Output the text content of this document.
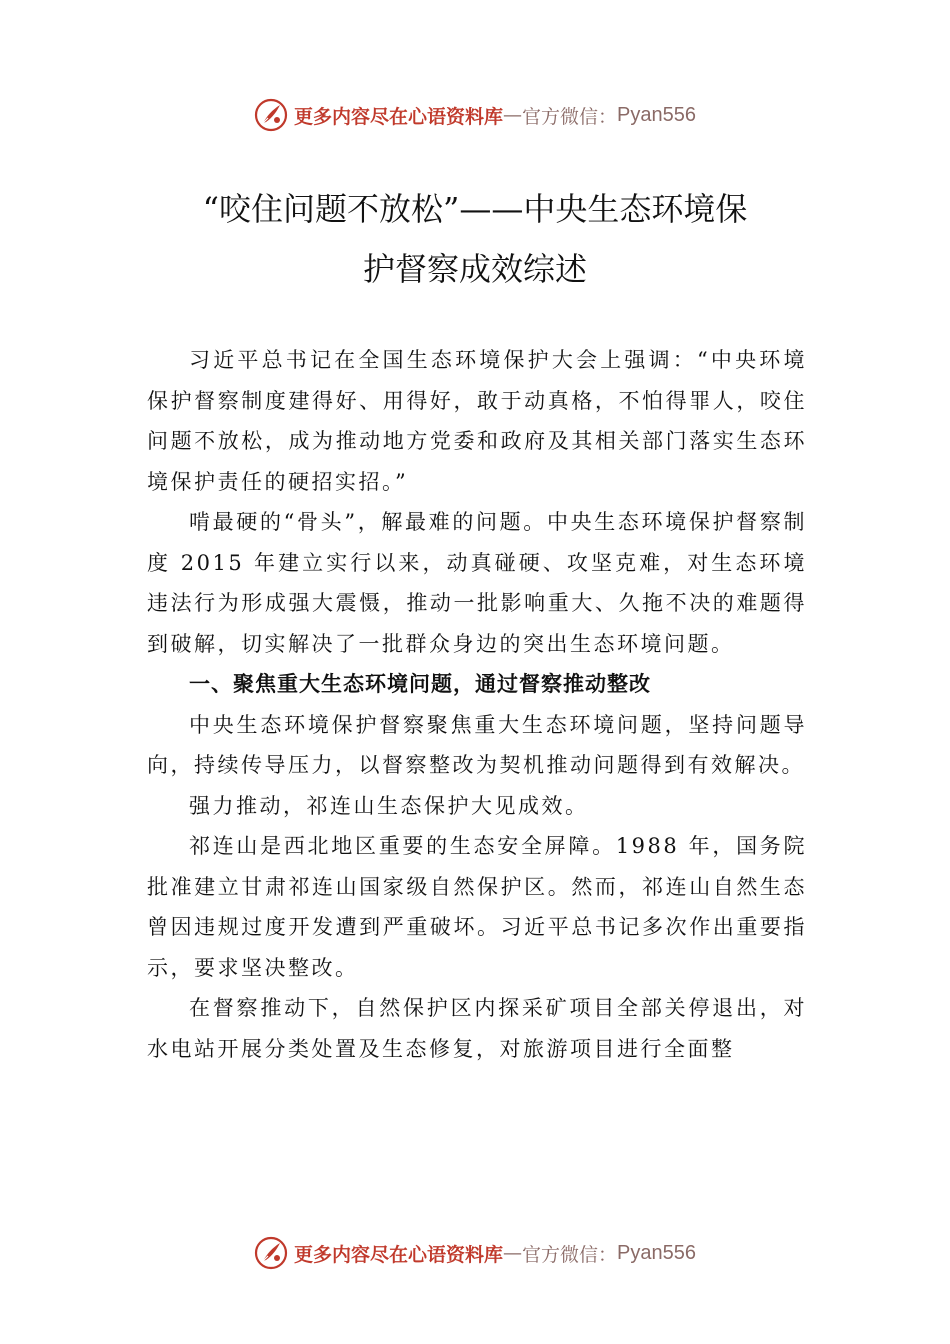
更多内容尽在心语资料库 — 官方微信： Pyan556
“咬住问题不放松”——中央生态环境保
护督察成效综述

习近平总书记在全国生态环境保护大会上强调：“中央环境保护督察制度建得好、用得好，敢于动真格，不怕得罪人，咬住问题不放松，成为推动地方党委和政府及其相关部门落实生态环境保护责任的硬招实招。”

啃最硬的“骨头”，解最难的问题。中央生态环境保护督察制度 2015 年建立实行以来，动真碰硬、攻坚克难，对生态环境违法行为形成强大震慑，推动一批影响重大、久拖不决的难题得到破解，切实解决了一批群众身边的突出生态环境问题。

一、聚焦重大生态环境问题，通过督察推动整改

中央生态环境保护督察聚焦重大生态环境问题，坚持问题导向，持续传导压力，以督察整改为契机推动问题得到有效解决。

强力推动，祁连山生态保护大见成效。

祁连山是西北地区重要的生态安全屏障。1988 年，国务院批准建立甘肃祁连山国家级自然保护区。然而，祁连山自然生态曾因违规过度开发遭到严重破坏。习近平总书记多次作出重要指示，要求坚决整改。

在督察推动下，自然保护区内探采矿项目全部关停退出，对水电站开展分类处置及生态修复，对旅游项目进行全面整

更多内容尽在心语资料库 — 官方微信： Pyan556
